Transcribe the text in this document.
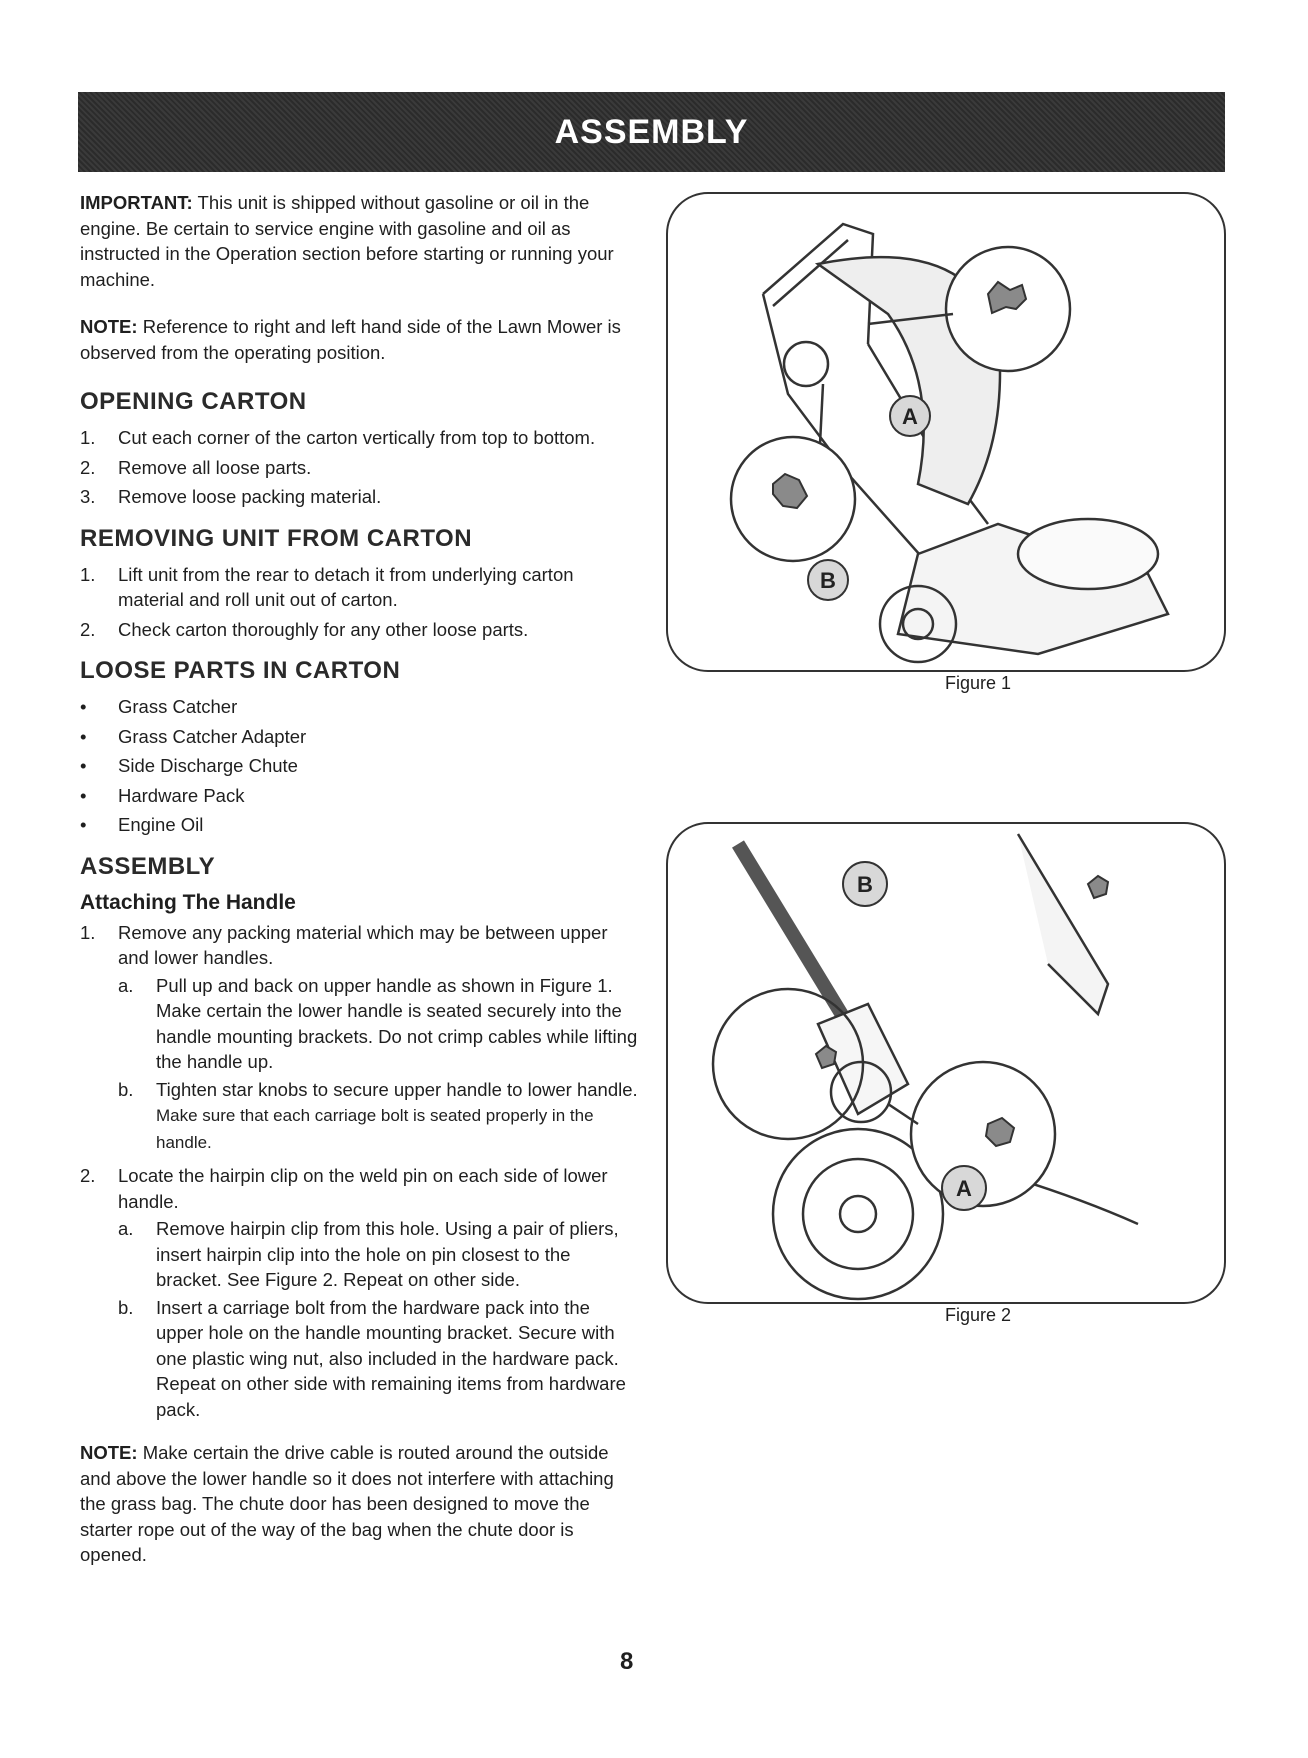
ASSEMBLY

IMPORTANT: This unit is shipped without gasoline or oil in the engine. Be certain to service engine with gasoline and oil as instructed in the Operation section before starting or running your machine.

NOTE: Reference to right and left hand side of the Lawn Mower is observed from the operating position.

OPENING CARTON
1.	Cut each corner of the carton vertically from top to bottom.
2.	Remove all loose parts.
3.	Remove loose packing material.
REMOVING UNIT FROM CARTON
1.	Lift unit from the rear to detach it from underlying carton material and roll unit out of carton.
2.	Check carton thoroughly for any other loose parts.
LOOSE PARTS IN CARTON
•	Grass Catcher
•	Grass Catcher Adapter
•	Side Discharge Chute
•	Hardware Pack
•	Engine Oil
ASSEMBLY
Attaching The Handle
1.	Remove any packing material which may be between upper and lower handles.
a.	Pull up and back on upper handle as shown in Figure 1. Make certain the lower handle is seated securely into the handle mounting brackets. Do not crimp cables while lifting the handle up.
b.	Tighten star knobs to secure upper handle to lower handle.
Make sure that each carriage bolt is seated properly in the handle.
2.	Locate the hairpin clip on the weld pin on each side of lower handle.
a.	Remove hairpin clip from this hole. Using a pair of pliers, insert hairpin clip into the hole on pin closest to the bracket. See Figure 2. Repeat on other side.
b.	Insert a carriage bolt from the hardware pack into the upper hole on the handle mounting bracket. Secure with one plastic wing nut, also included in the hardware pack. Repeat on other side with remaining items from hardware pack.

NOTE: Make certain the drive cable is routed around the outside and above the lower handle so it does not interfere with attaching the grass bag. The chute door has been designed to move the starter rope out of the way of the bag when the chute door is opened.

A
B
Figure 1
B
A
Figure 2
8
